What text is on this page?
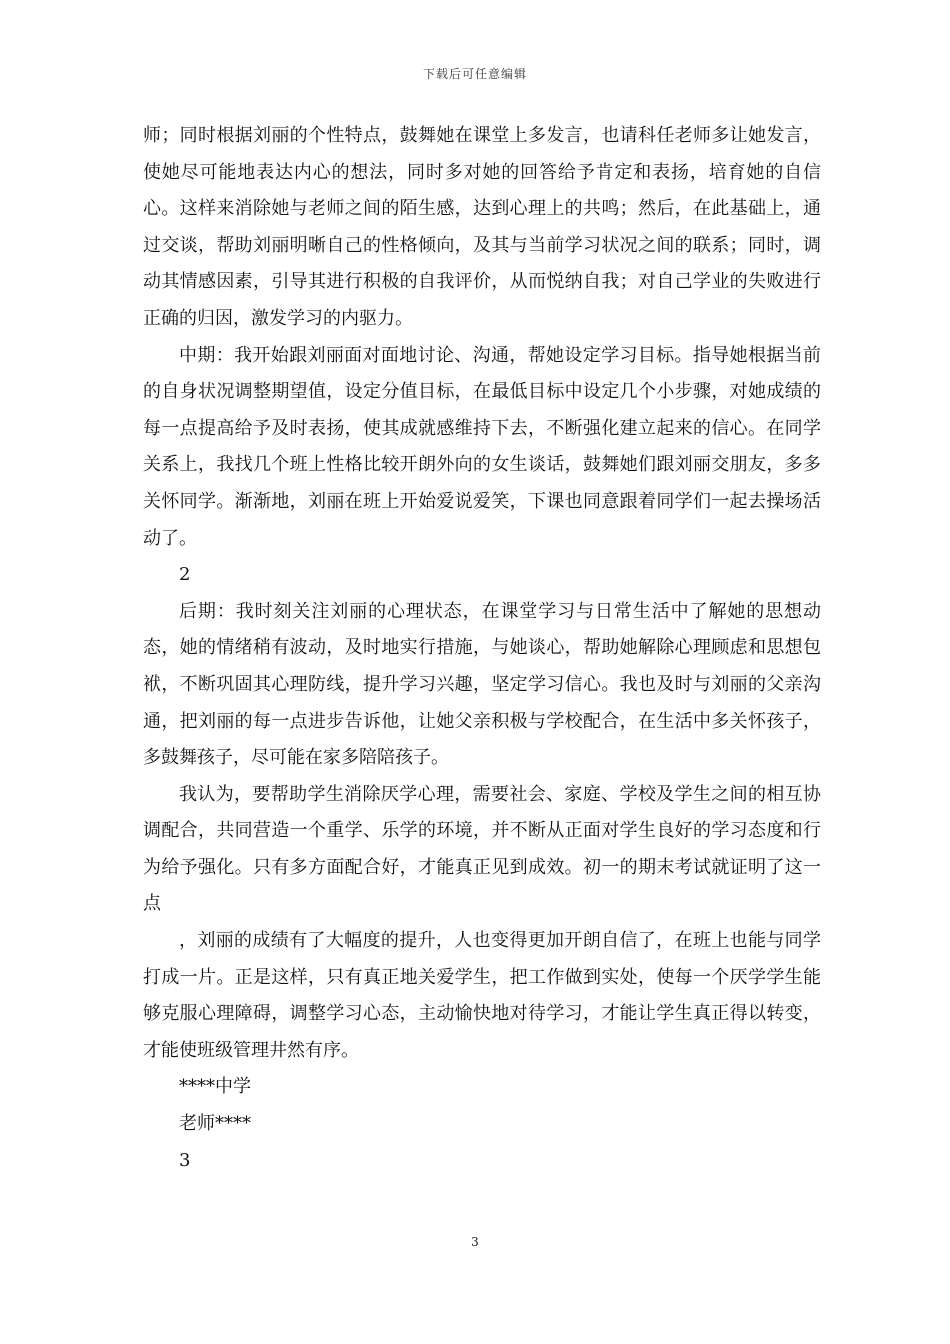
下载后可任意编辑

师；同时根据刘丽的个性特点，鼓舞她在课堂上多发言，也请科任老师多让她发言，使她尽可能地表达内心的想法，同时多对她的回答给予肯定和表扬，培育她的自信心。这样来消除她与老师之间的陌生感，达到心理上的共鸣；然后，在此基础上，通过交谈，帮助刘丽明晰自己的性格倾向，及其与当前学习状况之间的联系；同时，调动其情感因素，引导其进行积极的自我评价，从而悦纳自我；对自己学业的失败进行正确的归因，激发学习的内驱力。

中期：我开始跟刘丽面对面地讨论、沟通，帮她设定学习目标。指导她根据当前的自身状况调整期望值，设定分值目标，在最低目标中设定几个小步骤，对她成绩的每一点提高给予及时表扬，使其成就感维持下去，不断强化建立起来的信心。在同学关系上，我找几个班上性格比较开朗外向的女生谈话，鼓舞她们跟刘丽交朋友，多多关怀同学。渐渐地，刘丽在班上开始爱说爱笑，下课也同意跟着同学们一起去操场活动了。

2

后期：我时刻关注刘丽的心理状态，在课堂学习与日常生活中了解她的思想动态，她的情绪稍有波动，及时地实行措施，与她谈心，帮助她解除心理顾虑和思想包袱，不断巩固其心理防线，提升学习兴趣，坚定学习信心。我也及时与刘丽的父亲沟通，把刘丽的每一点进步告诉他，让她父亲积极与学校配合，在生活中多关怀孩子，多鼓舞孩子，尽可能在家多陪陪孩子。

我认为，要帮助学生消除厌学心理，需要社会、家庭、学校及学生之间的相互协调配合，共同营造一个重学、乐学的环境，并不断从正面对学生良好的学习态度和行为给予强化。只有多方面配合好，才能真正见到成效。初一的期末考试就证明了这一点

，刘丽的成绩有了大幅度的提升，人也变得更加开朗自信了，在班上也能与同学打成一片。正是这样，只有真正地关爱学生，把工作做到实处，使每一个厌学学生能够克服心理障碍，调整学习心态，主动愉快地对待学习，才能让学生真正得以转变，才能使班级管理井然有序。

****中学

老师****

3

3
